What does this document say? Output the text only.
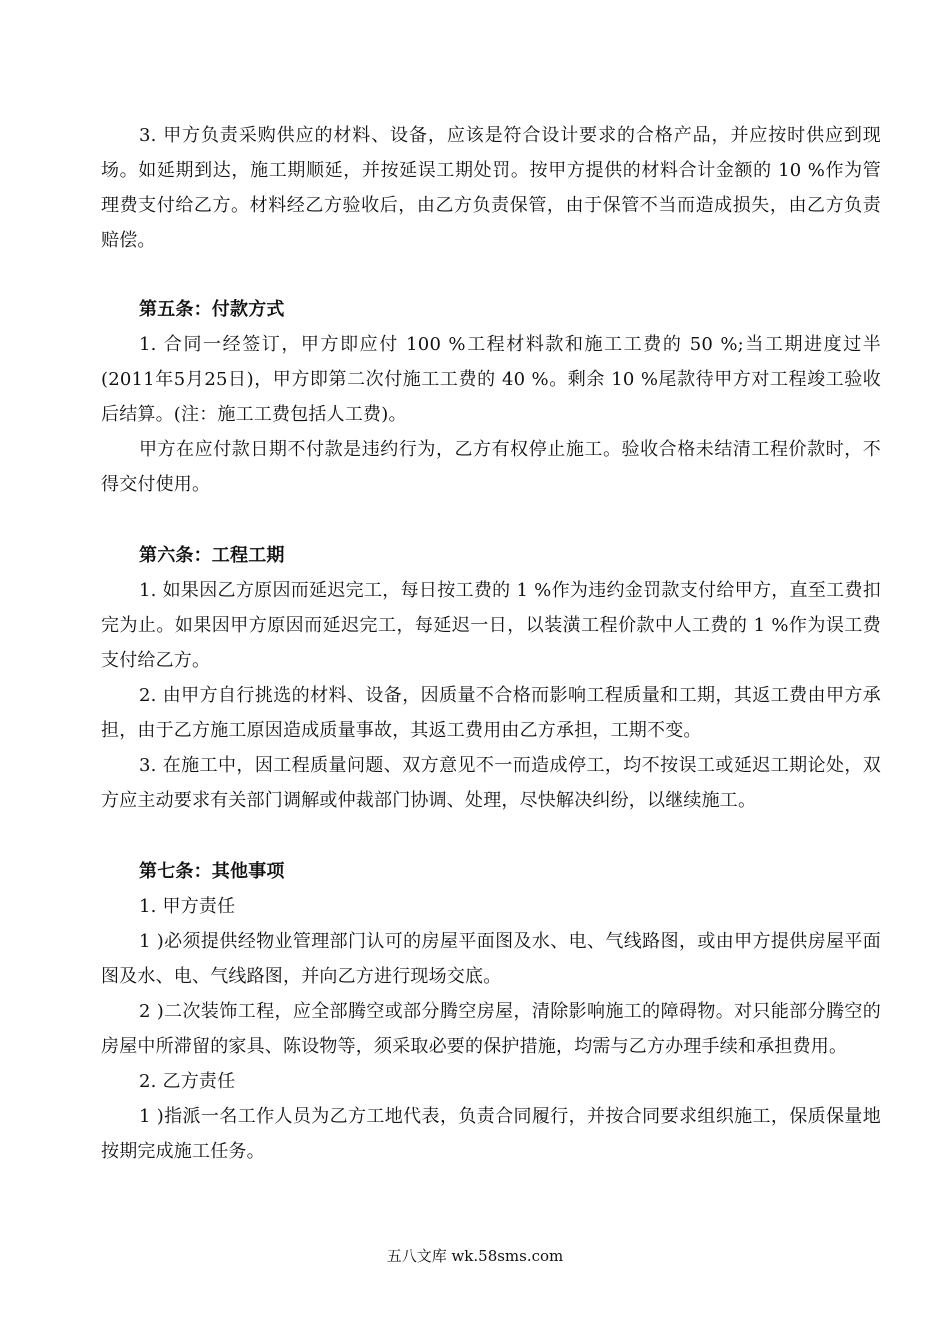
3. 甲方负责采购供应的材料、设备，应该是符合设计要求的合格产品，并应按时供应到现场。如延期到达，施工期顺延，并按延误工期处罚。按甲方提供的材料合计金额的 10 %作为管理费支付给乙方。材料经乙方验收后，由乙方负责保管，由于保管不当而造成损失，由乙方负责赔偿。

第五条：付款方式

1. 合同一经签订，甲方即应付 100 %工程材料款和施工工费的 50 %;当工期进度过半(2011年5月25日)，甲方即第二次付施工工费的 40 %。剩余 10 %尾款待甲方对工程竣工验收后结算。(注：施工工费包括人工费)。

甲方在应付款日期不付款是违约行为，乙方有权停止施工。验收合格未结清工程价款时，不得交付使用。

第六条：工程工期

1. 如果因乙方原因而延迟完工，每日按工费的 1 %作为违约金罚款支付给甲方，直至工费扣完为止。如果因甲方原因而延迟完工，每延迟一日，以装潢工程价款中人工费的 1 %作为误工费支付给乙方。

2. 由甲方自行挑选的材料、设备，因质量不合格而影响工程质量和工期，其返工费由甲方承担，由于乙方施工原因造成质量事故，其返工费用由乙方承担，工期不变。

3. 在施工中，因工程质量问题、双方意见不一而造成停工，均不按误工或延迟工期论处，双方应主动要求有关部门调解或仲裁部门协调、处理，尽快解决纠纷，以继续施工。

第七条：其他事项

1. 甲方责任

1 )必须提供经物业管理部门认可的房屋平面图及水、电、气线路图，或由甲方提供房屋平面图及水、电、气线路图，并向乙方进行现场交底。

2 )二次装饰工程，应全部腾空或部分腾空房屋，清除影响施工的障碍物。对只能部分腾空的房屋中所滞留的家具、陈设物等，须采取必要的保护措施，均需与乙方办理手续和承担费用。

2. 乙方责任

1 )指派一名工作人员为乙方工地代表，负责合同履行，并按合同要求组织施工，保质保量地按期完成施工任务。

五八文库 wk.58sms.com
